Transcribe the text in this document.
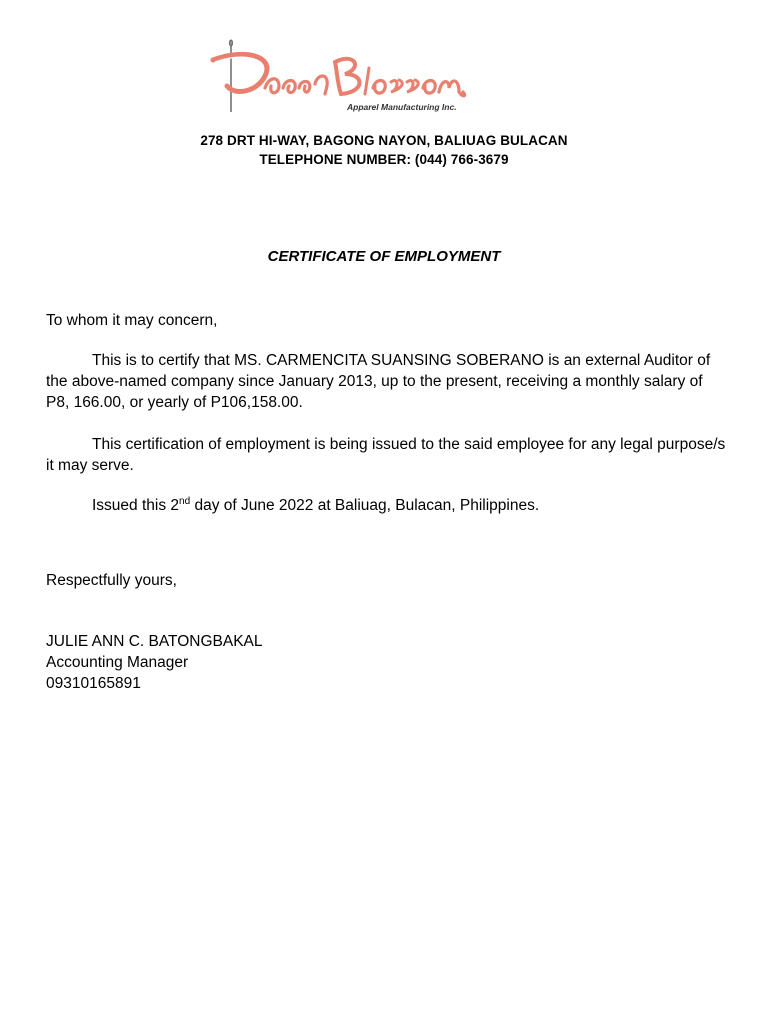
Apparel Manufacturing Inc.
278 DRT HI-WAY, BAGONG NAYON, BALIUAG BULACAN
TELEPHONE NUMBER: (044) 766-3679
CERTIFICATE OF EMPLOYMENT
To whom it may concern,
This is to certify that MS. CARMENCITA SUANSING SOBERANO is an external Auditor of the above-named company since January 2013, up to the present, receiving a monthly salary of P8, 166.00, or yearly of P106,158.00.
This certification of employment is being issued to the said employee for any legal purpose/s it may serve.
Issued this 2nd day of June 2022 at Baliuag, Bulacan, Philippines.
Respectfully yours,
JULIE ANN C. BATONGBAKAL
Accounting Manager
09310165891
